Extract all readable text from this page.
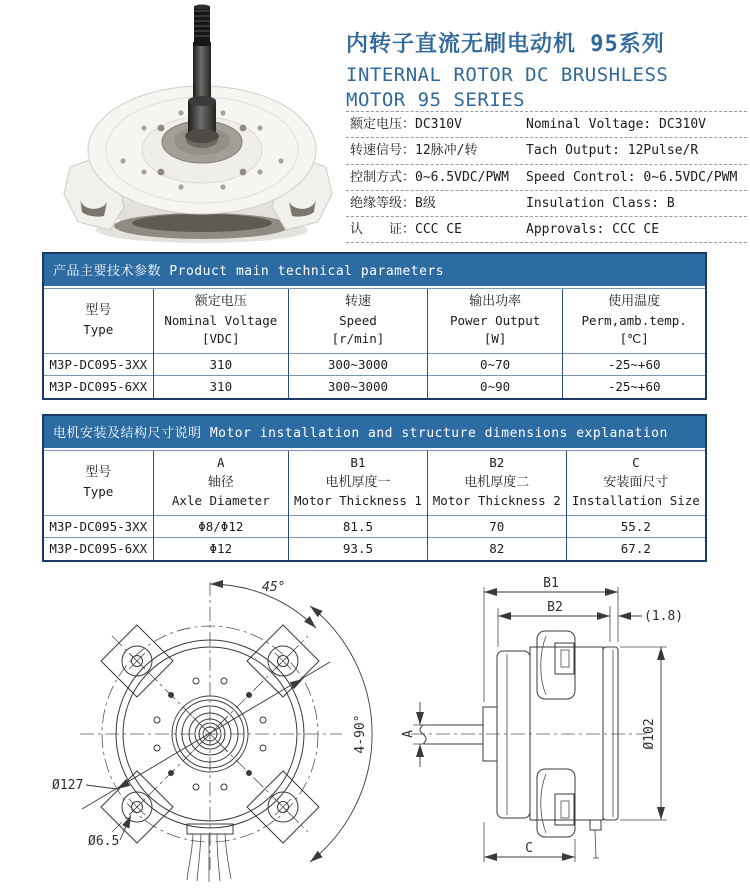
内转子直流无刷电动机 95系列
INTERNAL ROTOR DC BRUSHLESS
MOTOR 95 SERIES
额定电压：DC310V	Nominal Voltage: DC310V
转速信号：12脉冲/转	Tach Output: 12Pulse/R
控制方式：0~6.5VDC/PWM	Speed Control: 0~6.5VDC/PWM
绝缘等级：B级	Insulation Class: B
认　　证：CCC CE	Approvals: CCC CE
产品主要技术参数 Product main technical parameters
型号
Type

额定电压
Nominal Voltage
[VDC]

转速
Speed
[r/min]

输出功率
Power Output
[W]

使用温度
Perm,amb.temp.
[℃]

M3P-DC095-3XX	310	300~3000	0~70	-25~+60
M3P-DC095-6XX	310	300~3000	0~90	-25~+60
电机安装及结构尺寸说明 Motor installation and structure dimensions explanation
型号
Type

A
轴径
Axle Diameter

B1
电机厚度一
Motor Thickness 1

B2
电机厚度二
Motor Thickness 2

C
安装面尺寸
Installation Size

M3P-DC095-3XX	Φ8/Φ12	81.5	70	55.2
M3P-DC095-6XX	Φ12	93.5	82	67.2
45°
4-90°
Ø127
Ø6.5
B1
B2
(1.8)
Ø102
A
C
